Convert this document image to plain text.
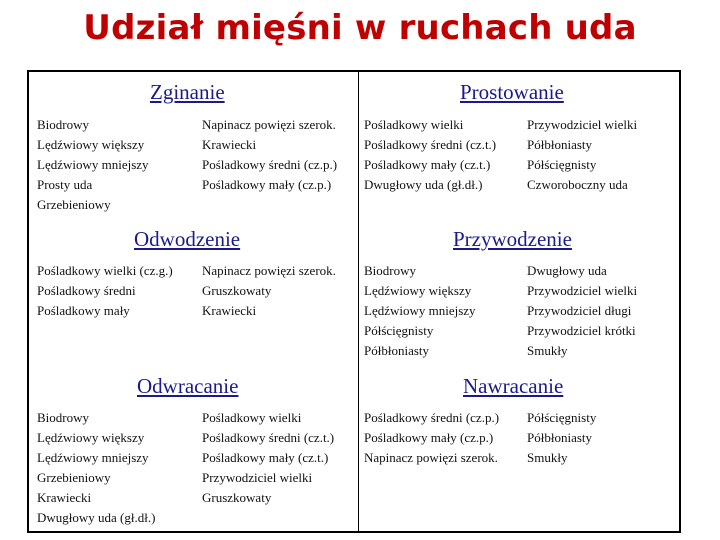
Udział mięśni w ruchach uda
Zginanie
Biodrowy
Lędźwiowy większy
Lędźwiowy mniejszy
Prosty uda
Grzebieniowy
Napinacz powięzi szerok.
Krawiecki
Pośladkowy średni (cz.p.)
Pośladkowy mały (cz.p.)
Prostowanie
Pośladkowy wielki
Pośladkowy średni (cz.t.)
Pośladkowy mały (cz.t.)
Dwugłowy uda (gł.dł.)
Przywodziciel wielki
Półbłoniasty
Półścięgnisty
Czworoboczny uda
Odwodzenie
Pośladkowy wielki (cz.g.)
Pośladkowy średni
Pośladkowy mały
Napinacz powięzi szerok.
Gruszkowaty
Krawiecki
Przywodzenie
Biodrowy
Lędźwiowy większy
Lędźwiowy mniejszy
Półścięgnisty
Półbłoniasty
Dwugłowy uda
Przywodziciel wielki
Przywodziciel długi
Przywodziciel krótki
Smukły
Odwracanie
Biodrowy
Lędźwiowy większy
Lędźwiowy mniejszy
Grzebieniowy
Krawiecki
Dwugłowy uda (gł.dł.)
Pośladkowy wielki
Pośladkowy średni (cz.t.)
Pośladkowy mały (cz.t.)
Przywodziciel wielki
Gruszkowaty
Nawracanie
Pośladkowy średni (cz.p.)
Pośladkowy mały (cz.p.)
Napinacz powięzi szerok.
Półścięgnisty
Półbłoniasty
Smukły
